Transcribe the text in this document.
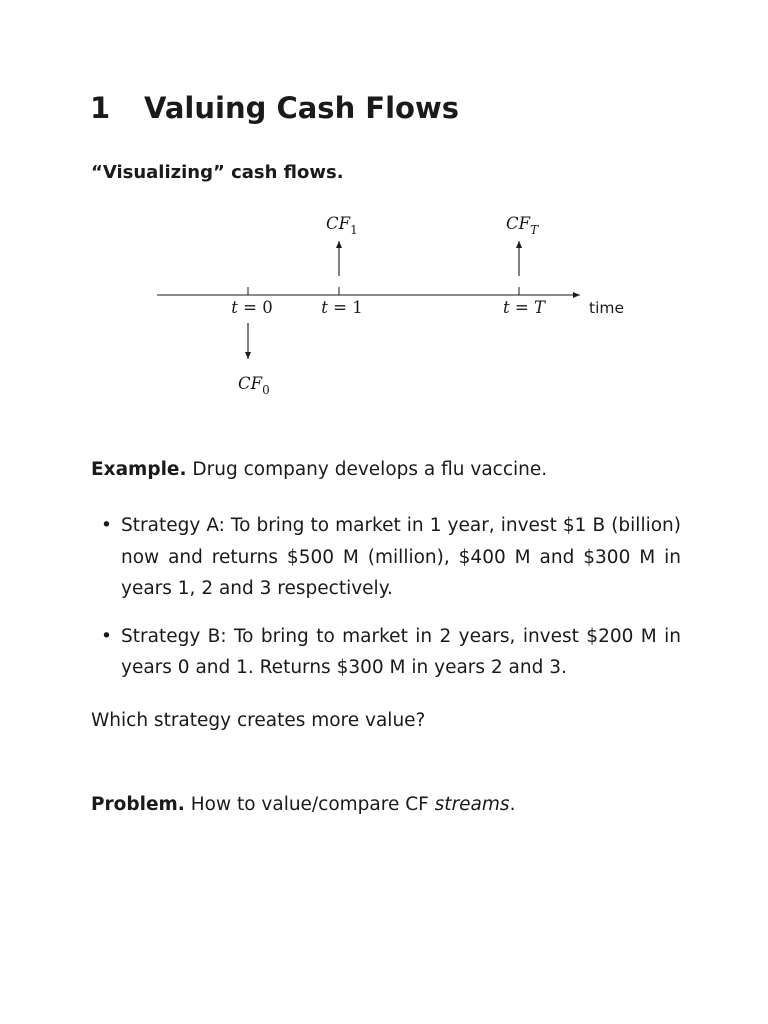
1 Valuing Cash Flows
“Visualizing” cash flows.
time
t = 0	t = 1	t = T
$CF_0$
$CF_1$	$CF_T$
Example. Drug company develops a flu vaccine.
• Strategy A: To bring to market in 1 year, invest $1 B (billion) now and returns $500 M (million), $400 M and $300 M in years 1, 2 and 3 respectively.
• Strategy B: To bring to market in 2 years, invest $200 M in years 0 and 1. Returns $300 M in years 2 and 3.
Which strategy creates more value?
Problem. How to value/compare CF streams.
